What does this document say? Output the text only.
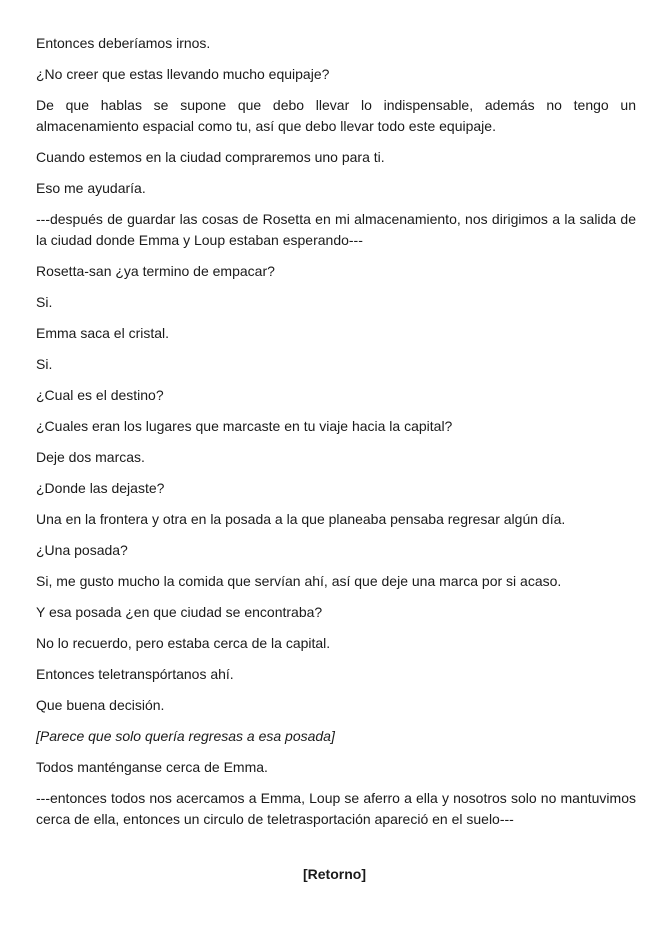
Entonces deberíamos irnos.

¿No creer que estas llevando mucho equipaje?

De que hablas se supone que debo llevar lo indispensable, además no tengo un almacenamiento espacial como tu, así que debo llevar todo este equipaje.

Cuando estemos en la ciudad compraremos uno para ti.

Eso me ayudaría.

---después de guardar las cosas de Rosetta en mi almacenamiento, nos dirigimos a la salida de la ciudad donde Emma y Loup estaban esperando---

Rosetta-san ¿ya termino de empacar?

Si.

Emma saca el cristal.

Si.

¿Cual es el destino?

¿Cuales eran los lugares que marcaste en tu viaje hacia la capital?

Deje dos marcas.

¿Donde las dejaste?

Una en la frontera y otra en la posada a la que planeaba pensaba regresar algún día.

¿Una posada?

Si, me gusto mucho la comida que servían ahí, así que deje una marca por si acaso.

Y esa posada ¿en que ciudad se encontraba?

No lo recuerdo, pero estaba cerca de la capital.

Entonces teletranspórtanos ahí.

Que buena decisión.

[Parece que solo quería regresas a esa posada]

Todos manténganse cerca de Emma.

---entonces todos nos acercamos a Emma, Loup se aferro a ella y nosotros solo no mantuvimos cerca de ella, entonces un circulo de teletrasportación apareció en el suelo---

[Retorno]
